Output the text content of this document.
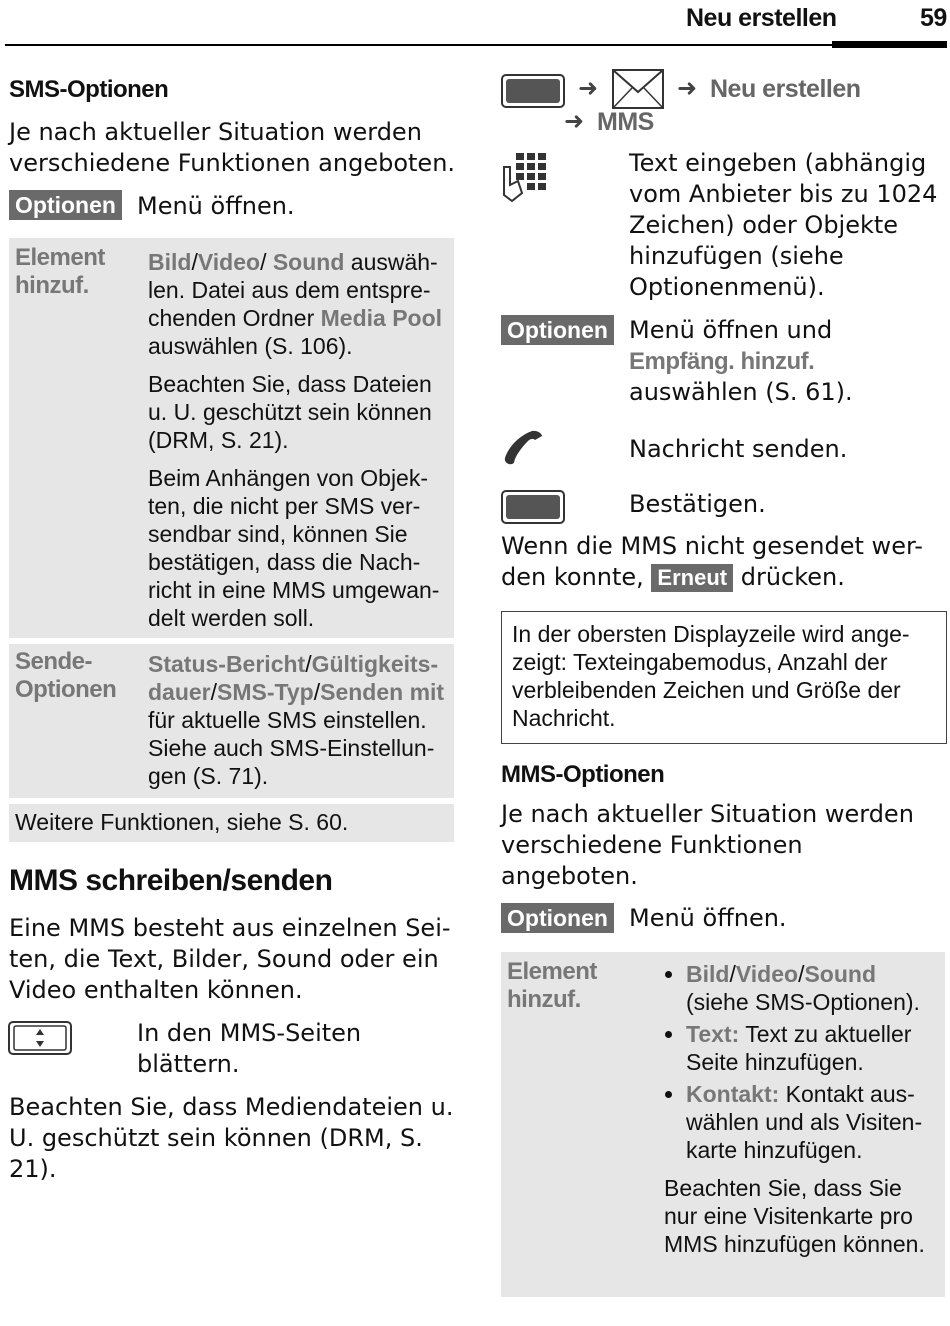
Neu erstellen	59
SMS-Optionen
Je nach aktueller Situation werden verschiedene Funktionen angeboten.
Optionen Menü öffnen.
Element hinzuf.
Bild/Video/ Sound auswäh-len. Datei aus dem entspre-chenden Ordner Media Pool auswählen (S. 106).
Beachten Sie, dass Dateien u. U. geschützt sein können (DRM, S. 21).
Beim Anhängen von Objek-ten, die nicht per SMS ver-sendbar sind, können Sie bestätigen, dass die Nach-richt in eine MMS umgewan-delt werden soll.
Sende-Optionen
Status-Bericht/Gültigkeits-dauer/SMS-Typ/Senden mit für aktuelle SMS einstellen. Siehe auch SMS-Einstellun-gen (S. 71).
Weitere Funktionen, siehe S. 60.
MMS schreiben/senden
Eine MMS besteht aus einzelnen Sei-ten, die Text, Bilder, Sound oder ein Video enthalten können.
In den MMS-Seiten blättern.
Beachten Sie, dass Mediendateien u. U. geschützt sein können (DRM, S. 21).
➜	➜ Neu erstellen
➜ MMS
Text eingeben (abhängig vom Anbieter bis zu 1024 Zeichen) oder Objekte hinzufügen (siehe Optionenmenü).
Optionen Menü öffnen und
Empfäng. hinzuf.
auswählen (S. 61).
Nachricht senden.
Bestätigen.
Wenn die MMS nicht gesendet wer-den konnte, Erneut drücken.
In der obersten Displayzeile wird ange-zeigt: Texteingabemodus, Anzahl der verbleibenden Zeichen und Größe der Nachricht.
MMS-Optionen
Je nach aktueller Situation werden verschiedene Funktionen angeboten.
Optionen Menü öffnen.
Element hinzuf.
• Bild/Video/Sound (siehe SMS-Optionen).
• Text: Text zu aktueller Seite hinzufügen.
• Kontakt: Kontakt aus-wählen und als Visiten-karte hinzufügen.
Beachten Sie, dass Sie nur eine Visitenkarte pro MMS hinzufügen können.
